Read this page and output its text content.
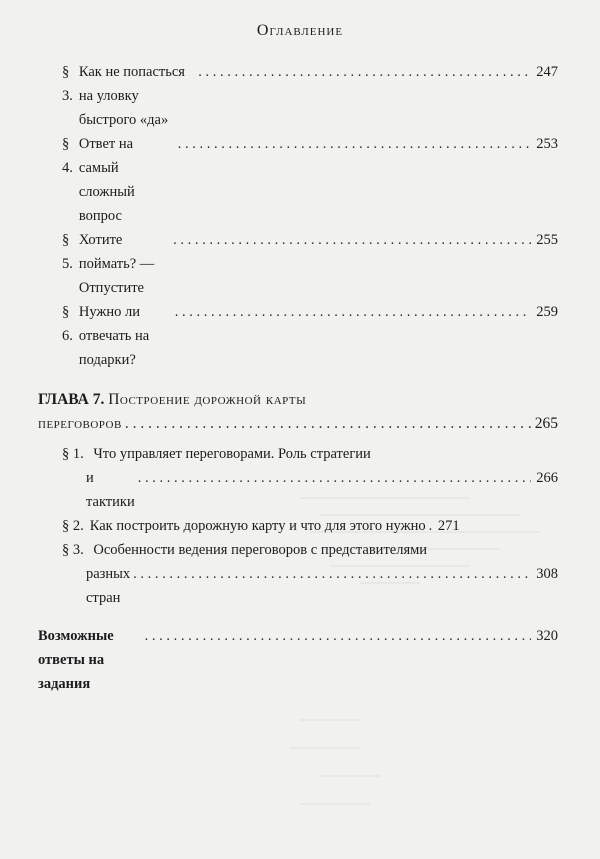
Оглавление
§ 3.
Как не попасться на уловку быстрого «да»
. . .
247
§ 4.
Ответ на самый сложный вопрос
. . .
253
§ 5.
Хотите поймать? — Отпустите
. . .
255
§ 6.
Нужно ли отвечать на подарки?
. . .
259
ГЛАВА 7. Построение дорожной карты
переговоров . . .	265
§ 1. Что управляет переговорами. Роль стратегии
и тактики
. . .
266
§ 2. Как построить дорожную карту и что для этого нужно . . . 271
§ 3. Особенности ведения переговоров с представителями
разных стран
. . .
308
Возможные ответы на задания
. . .
320
